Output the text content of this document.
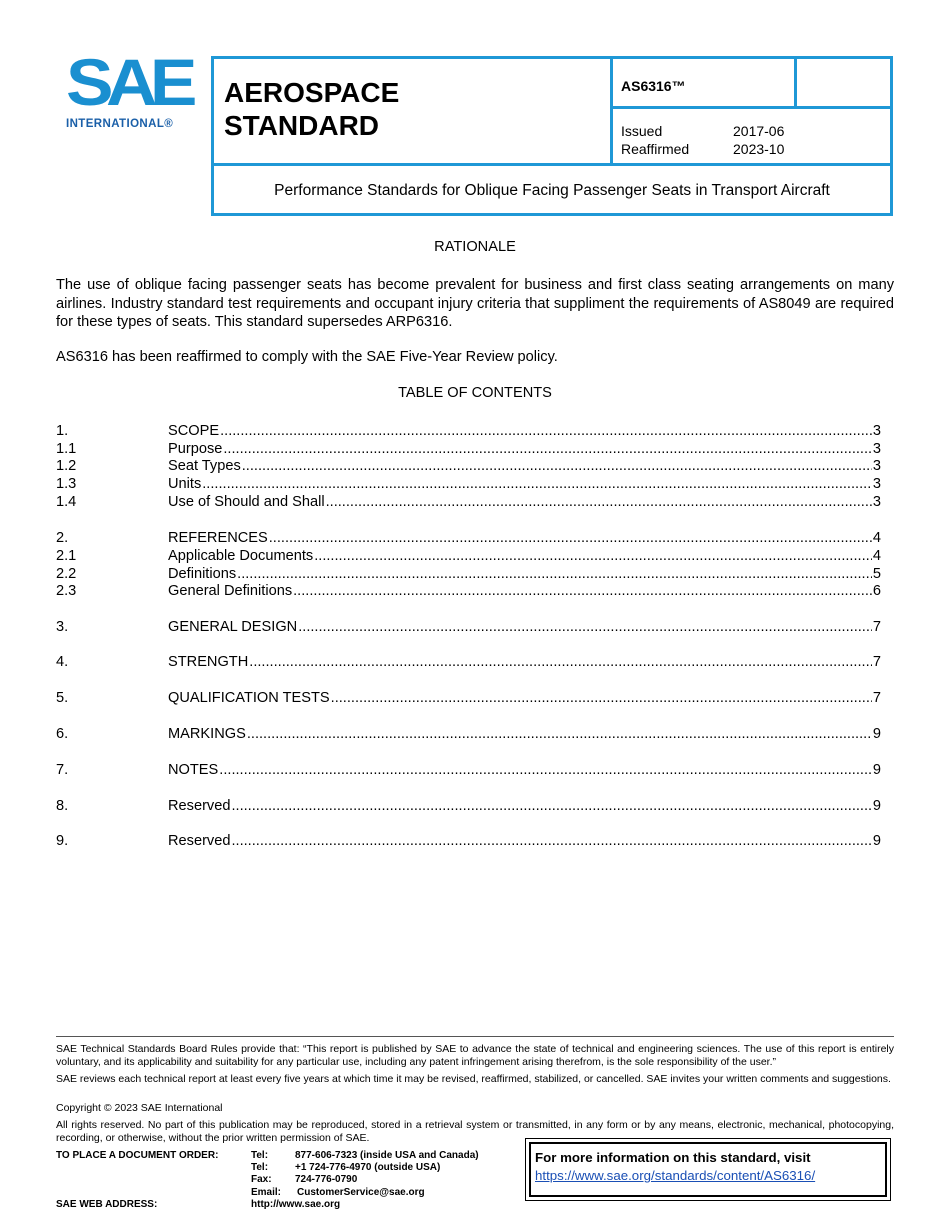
SAE
INTERNATIONAL®
AEROSPACE
STANDARD
AS6316™
Issued	2017-06
Reaffirmed	2023-10
Performance Standards for Oblique Facing Passenger Seats in Transport Aircraft
RATIONALE
The use of oblique facing passenger seats has become prevalent for business and first class seating arrangements on many airlines. Industry standard test requirements and occupant injury criteria that suppliment the requirements of AS8049 are required for these types of seats. This standard supersedes ARP6316.
AS6316 has been reaffirmed to comply with the SAE Five-Year Review policy.
TABLE OF CONTENTS
1.	SCOPE .....	3
1.1	Purpose .....	3
1.2	Seat Types .....	3
1.3	Units .....	3
1.4	Use of Should and Shall .....	3
2.	REFERENCES .....	4
2.1	Applicable Documents .....	4
2.2	Definitions .....	5
2.3	General Definitions .....	6
3.	GENERAL DESIGN .....	7
4.	STRENGTH .....	7
5.	QUALIFICATION TESTS .....	7
6.	MARKINGS .....	9
7.	NOTES .....	9
8.	Reserved .....	9
9.	Reserved .....	9
SAE Technical Standards Board Rules provide that: “This report is published by SAE to advance the state of technical and engineering sciences. The use of this report is entirely voluntary, and its applicability and suitability for any particular use, including any patent infringement arising therefrom, is the sole responsibility of the user.”
SAE reviews each technical report at least every five years at which time it may be revised, reaffirmed, stabilized, or cancelled. SAE invites your written comments and suggestions.
Copyright © 2023 SAE International
All rights reserved. No part of this publication may be reproduced, stored in a retrieval system or transmitted, in any form or by any means, electronic, mechanical, photocopying, recording, or otherwise, without the prior written permission of SAE.
TO PLACE A DOCUMENT ORDER:	Tel:	877-606-7323 (inside USA and Canada)
Tel:	+1 724-776-4970 (outside USA)
Fax: 724-776-0790
Email: CustomerService@sae.org
SAE WEB ADDRESS:	http://www.sae.org
For more information on this standard, visit
https://www.sae.org/standards/content/AS6316/
